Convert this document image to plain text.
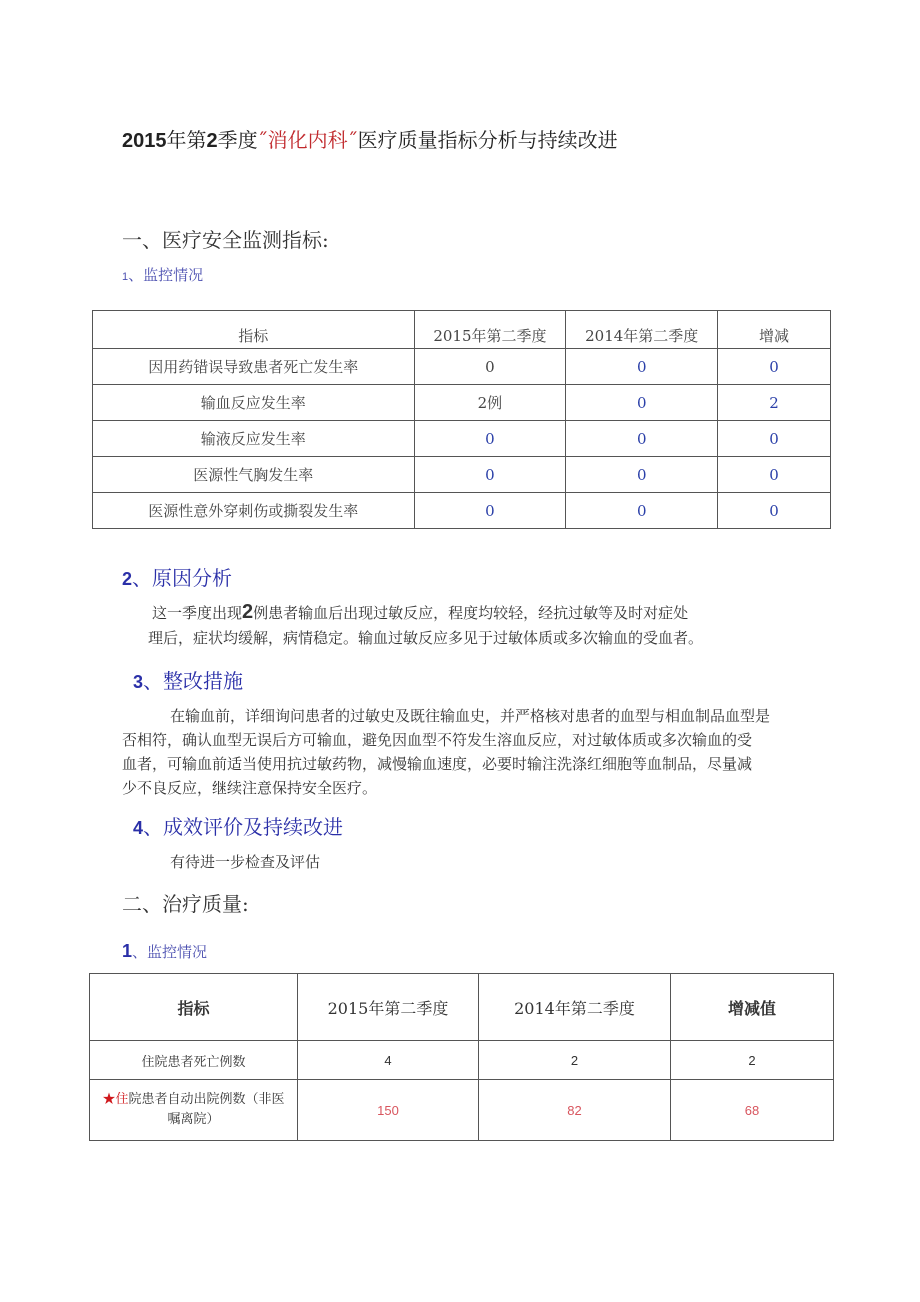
2015年第2季度˝消化内科˝医疗质量指标分析与持续改进
一、医疗安全监测指标:
1、监控情况
指标	2015年第二季度	2014年第二季度	增减
因用药错误导致患者死亡发生率	0	0	0
输血反应发生率	2例	0	2
输液反应发生率	0	0	0
医源性气胸发生率	0	0	0
医源性意外穿刺伤或撕裂发生率	0	0	0
2、原因分析
这一季度出现2例患者输血后出现过敏反应，程度均较轻，经抗过敏等及时对症处
理后，症状均缓解，病情稳定。输血过敏反应多见于过敏体质或多次输血的受血者。
3、整改措施
在输血前，详细询问患者的过敏史及既往输血史，并严格核对患者的血型与相血制品血型是
否相符，确认血型无误后方可输血，避免因血型不符发生溶血反应，对过敏体质或多次输血的受
血者，可输血前适当使用抗过敏药物，减慢输血速度，必要时输注洗涤红细胞等血制品，尽量减
少不良反应，继续注意保持安全医疗。
4、成效评价及持续改进
有待进一步检查及评估
二、治疗质量:
1、监控情况
指标	2015年第二季度	2014年第二季度	增减值
住院患者死亡例数	4	2	2
★住院患者自动出院例数（非医
嘱离院）	150	82	68
